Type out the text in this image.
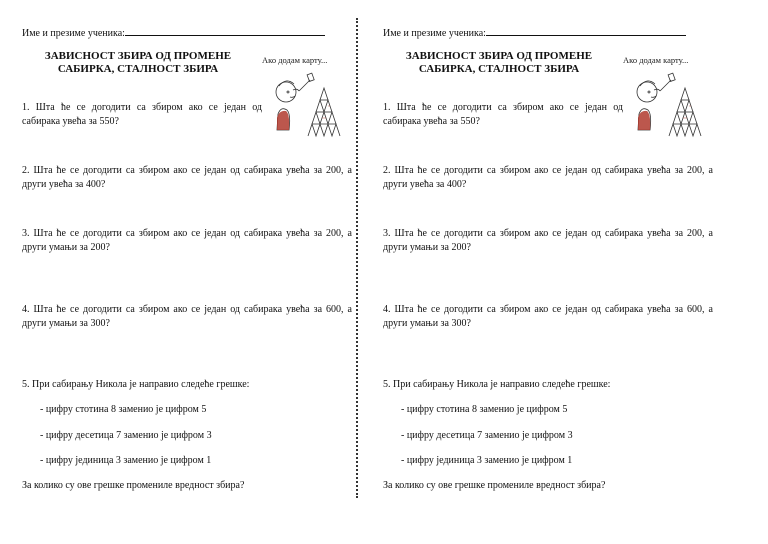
Име и презиме ученика:
ЗАВИСНОСТ ЗБИРА ОД ПРОМЕНЕ
САБИРКА, СТАЛНОСТ ЗБИРА
Ако додам карту...
1. Шта ће се догодити са збиром ако се један од сабирака увећа за 550?
2. Шта ће се догодити са збиром ако се један од сабирака увећа за 200, а други увећа за 400?
3. Шта ће се догодити са збиром ако се један од сабирака увећа за 200, а други умањи за 200?
4. Шта ће се догодити са збиром ако се један од сабирака увећа за 600, а други умањи за 300?
5. При сабирању Никола је направио следеће грешке:
- цифру стотина 8 заменио је цифром 5
- цифру десетица 7 заменио је цифром 3
- цифру јединица 3 заменио је цифром 1
За колико су ове грешке промениле вредност збира?
Име и презиме ученика:
ЗАВИСНОСТ ЗБИРА ОД ПРОМЕНЕ
САБИРКА, СТАЛНОСТ ЗБИРА
Ако додам карту...
1. Шта ће се догодити са збиром ако се један од сабирака увећа за 550?
2. Шта ће се догодити са збиром ако се један од сабирака увећа за 200, а други увећа за 400?
3. Шта ће се догодити са збиром ако се један од сабирака увећа за 200, а други умањи за 200?
4. Шта ће се догодити са збиром ако се један од сабирака увећа за 600, а други умањи за 300?
5. При сабирању Никола је направио следеће грешке:
- цифру стотина 8 заменио је цифром 5
- цифру десетица 7 заменио је цифром 3
- цифру јединица 3 заменио је цифром 1
За колико су ове грешке промениле вредност збира?
